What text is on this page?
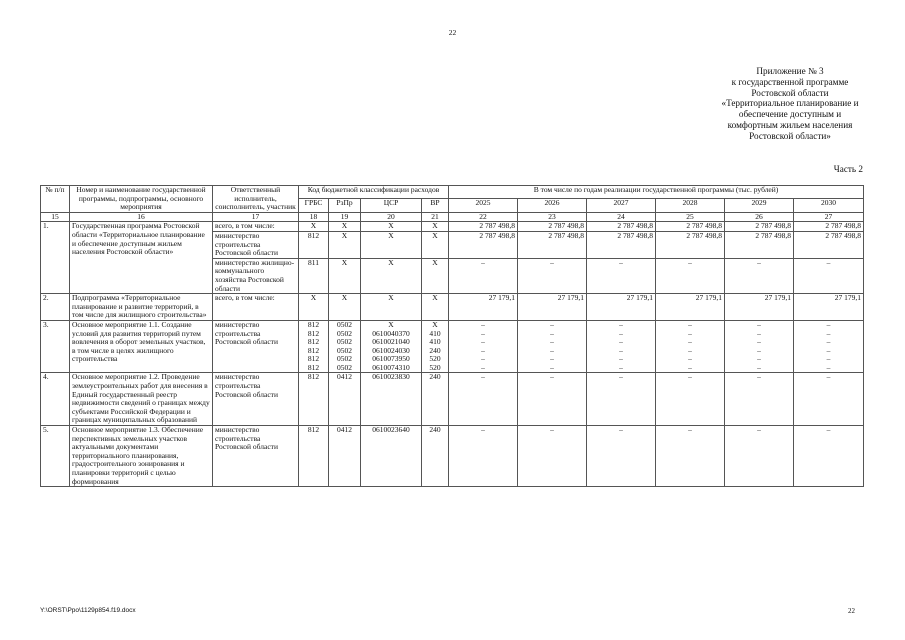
22
Приложение № 3
к государственной программе
Ростовской области
«Территориальное планирование и
обеспечение доступным и
комфортным жильем населения
Ростовской области»
Часть 2
№ п/п	Номер и наименование государственной программы, подпрограммы, основного мероприятия	Ответственный исполнитель, соисполнитель, участник	Код бюджетной классификации расходов				В том числе по годам реализации государственной программы (тыс. рублей)					
			ГРБС	РзПр	ЦСР	ВР	2025	2026	2027	2028	2029	2030
15	16	17	18	19	20	21	22	23	24	25	26	27
1.	Государственная программа Ростовской области «Территориальное планирование и обеспечение доступным жильем населения Ростовской области»	всего, в том числе:	X	X	X	X	2 787 498,8	2 787 498,8	2 787 498,8	2 787 498,8	2 787 498,8	2 787 498,8
		министерство строительства Ростовской области	812	X	X	X	2 787 498,8	2 787 498,8	2 787 498,8	2 787 498,8	2 787 498,8	2 787 498,8
		министерство жилищно-коммунального хозяйства Ростовской области	811	X	X	X	–	–	–	–	–	–
2.	Подпрограмма «Территориальное планирование и развитие территорий, в том числе для жилищного строительства»	всего, в том числе:	X	X	X	X	27 179,1	27 179,1	27 179,1	27 179,1	27 179,1	27 179,1
3.	Основное мероприятие 1.1. Создание условий для развития территорий путем вовлечения в оборот земельных участков, в том числе в целях жилищного строительства	министерство строительства Ростовской области	812	0502	X	X	–	–	–	–	–	–
			812	0502	0610040370	410	–	–	–	–	–	–
			812	0502	0610021040	410	–	–	–	–	–	–
			812	0502	0610024030	240	–	–	–	–	–	–
			812	0502	0610073950	520	–	–	–	–	–	–
			812	0502	0610074310	520	–	–	–	–	–	–
4.	Основное мероприятие 1.2. Проведение землеустроительных работ для внесения в Единый государственный реестр недвижимости сведений о границах между субъектами Российской Федерации и границах муниципальных образований	министерство строительства Ростовской области	812	0412	0610023830	240	–	–	–	–	–	–
5.	Основное мероприятие 1.3. Обеспечение перспективных земельных участков актуальными документами территориального планирования, градостроительного зонирования и планировки территорий с целью формирования	министерство строительства Ростовской области	812	0412	0610023640	240	–	–	–	–	–	–
Y:\ORST\Ppo\1129p854.f19.docx	22
